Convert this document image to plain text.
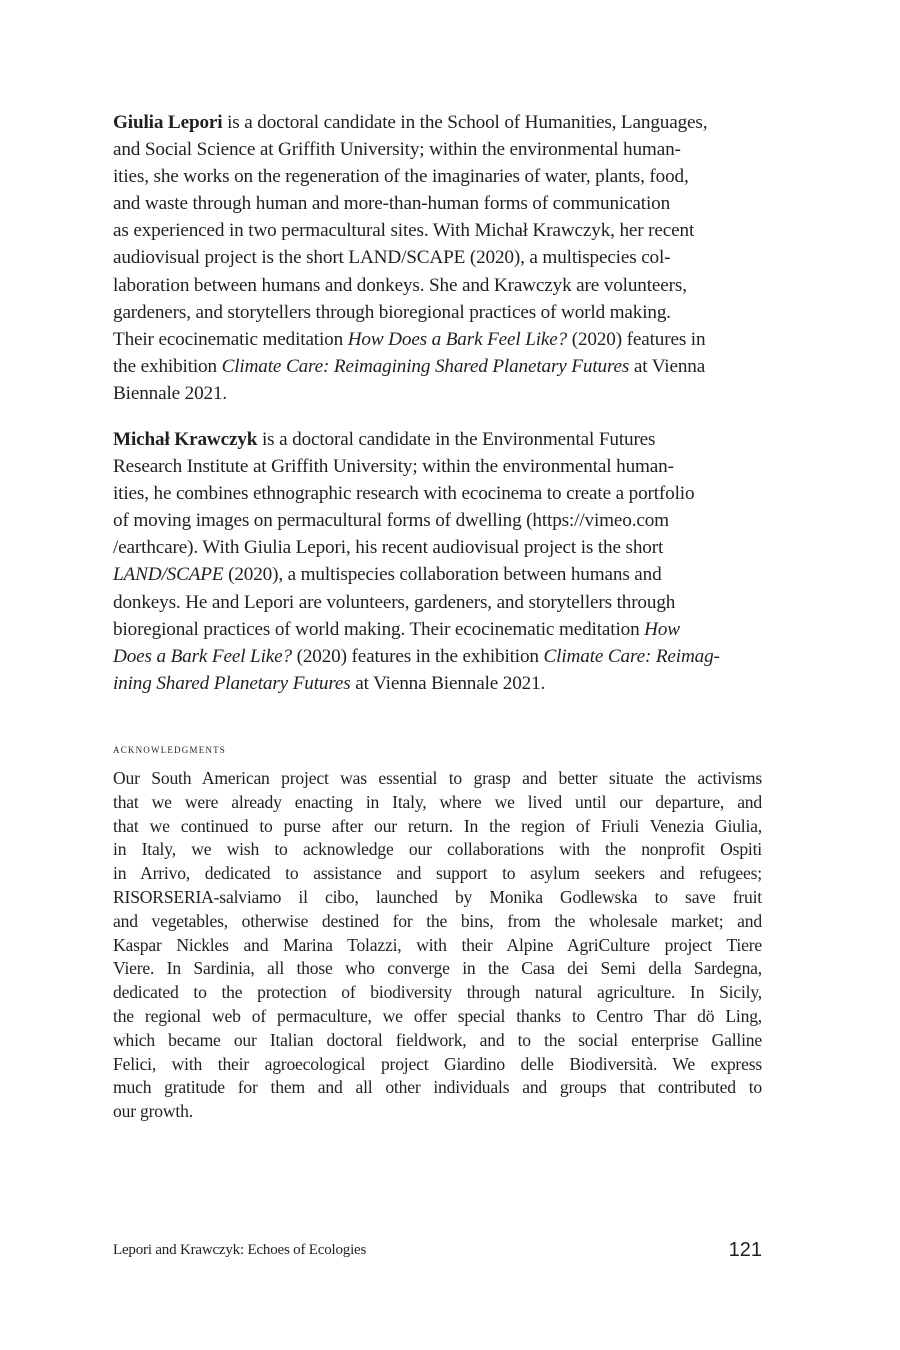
Giulia Lepori is a doctoral candidate in the School of Humanities, Languages,
and Social Science at Griffith University; within the environmental human-
ities, she works on the regeneration of the imaginaries of water, plants, food,
and waste through human and more-than-human forms of communication
as experienced in two permacultural sites. With Michał Krawczyk, her recent
audiovisual project is the short LAND/SCAPE (2020), a multispecies col-
laboration between humans and donkeys. She and Krawczyk are volunteers,
gardeners, and storytellers through bioregional practices of world making.
Their ecocinematic meditation How Does a Bark Feel Like? (2020) features in
the exhibition Climate Care: Reimagining Shared Planetary Futures at Vienna
Biennale 2021.
Michał Krawczyk is a doctoral candidate in the Environmental Futures
Research Institute at Griffith University; within the environmental human-
ities, he combines ethnographic research with ecocinema to create a portfolio
of moving images on permacultural forms of dwelling (https://vimeo.com
/earthcare). With Giulia Lepori, his recent audiovisual project is the short
LAND/SCAPE (2020), a multispecies collaboration between humans and
donkeys. He and Lepori are volunteers, gardeners, and storytellers through
bioregional practices of world making. Their ecocinematic meditation How
Does a Bark Feel Like? (2020) features in the exhibition Climate Care: Reimag-
ining Shared Planetary Futures at Vienna Biennale 2021.
acknowledgments
Our South American project was essential to grasp and better situate the activisms
that we were already enacting in Italy, where we lived until our departure, and
that we continued to purse after our return. In the region of Friuli Venezia Giulia,
in Italy, we wish to acknowledge our collaborations with the nonprofit Ospiti
in Arrivo, dedicated to assistance and support to asylum seekers and refugees;
RISORSERIA-salviamo il cibo, launched by Monika Godlewska to save fruit
and vegetables, otherwise destined for the bins, from the wholesale market; and
Kaspar Nickles and Marina Tolazzi, with their Alpine AgriCulture project Tiere
Viere. In Sardinia, all those who converge in the Casa dei Semi della Sardegna,
dedicated to the protection of biodiversity through natural agriculture. In Sicily,
the regional web of permaculture, we offer special thanks to Centro Thar dö Ling,
which became our Italian doctoral fieldwork, and to the social enterprise Galline
Felici, with their agroecological project Giardino delle Biodiversità. We express
much gratitude for them and all other individuals and groups that contributed to
our growth.
Lepori and Krawczyk: Echoes of Ecologies	121
